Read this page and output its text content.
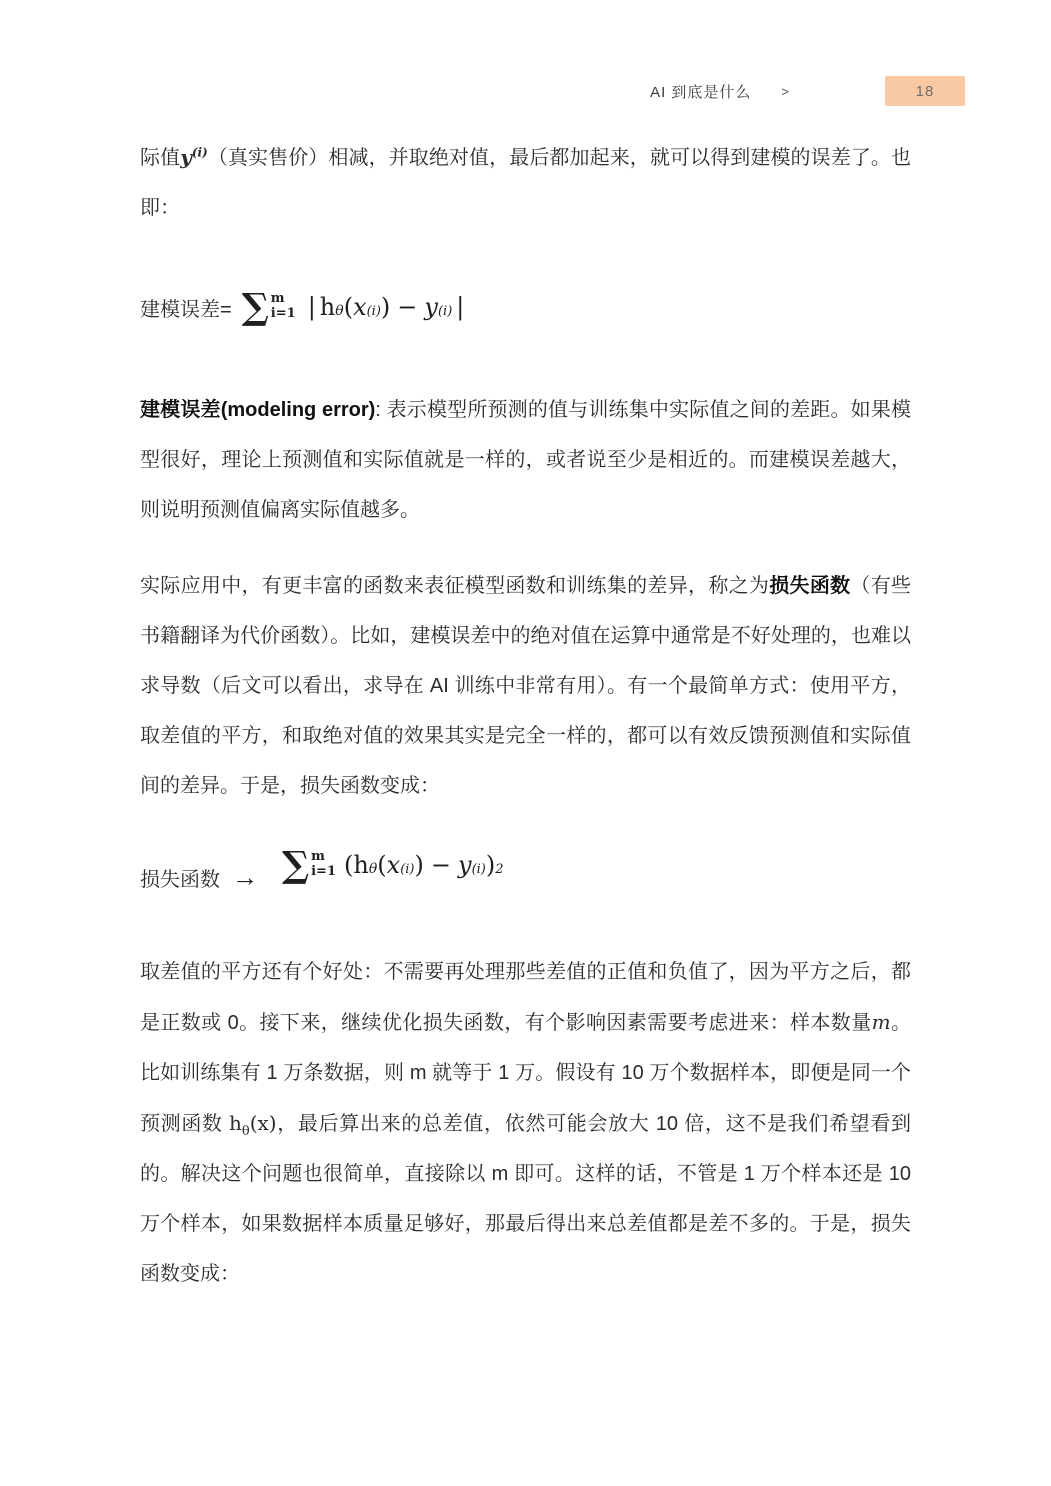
AI 到底是什么 >	18

际值$y^{(i)}$（真实售价）相减，并取绝对值，最后都加起来，就可以得到建模的误差了。也即：

建模误差= ∑ m
i=1 | h θ ( x (i) ) − y (i) |

建模误差(modeling error): 表示模型所预测的值与训练集中实际值之间的差距。如果模型很好，理论上预测值和实际值就是一样的，或者说至少是相近的。而建模误差越大，则说明预测值偏离实际值越多。

实际应用中，有更丰富的函数来表征模型函数和训练集的差异，称之为损失函数（有些书籍翻译为代价函数）。比如，建模误差中的绝对值在运算中通常是不好处理的，也难以求导数（后文可以看出，求导在 AI 训练中非常有用）。有一个最简单方式：使用平方，取差值的平方，和取绝对值的效果其实是完全一样的，都可以有效反馈预测值和实际值间的差异。于是，损失函数变成：

损失函数 → ∑ m
i=1 ( h θ ( x (i) ) − y (i) ) 2

取差值的平方还有个好处：不需要再处理那些差值的正值和负值了，因为平方之后，都是正数或 0。接下来，继续优化损失函数，有个影响因素需要考虑进来：样本数量m。比如训练集有 1 万条数据，则 m 就等于 1 万。假设有 10 万个数据样本，即便是同一个预测函数 $h_\theta(x)$，最后算出来的总差值，依然可能会放大 10 倍，这不是我们希望看到的。解决这个问题也很简单，直接除以 m 即可。这样的话，不管是 1 万个样本还是 10 万个样本，如果数据样本质量足够好，那最后得出来总差值都是差不多的。于是，损失函数变成：
